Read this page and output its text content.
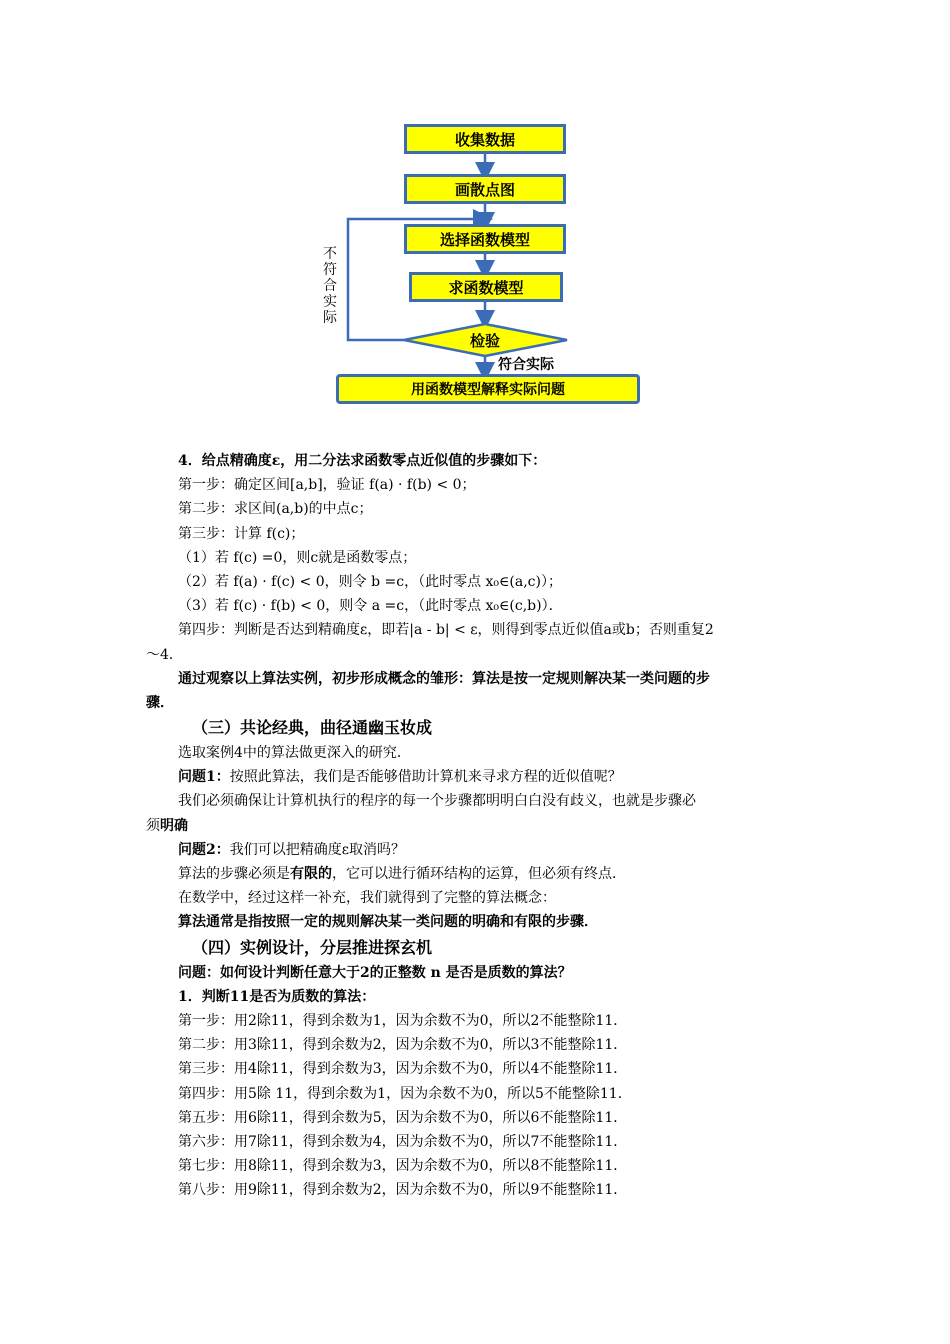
收集数据
画散点图
选择函数模型
求函数模型
检验
用函数模型解释实际问题
不符合实际
符合实际
4．给点精确度ε，用二分法求函数零点近似值的步骤如下：
第一步：确定区间[a,b]，验证 f(a) · f(b) < 0；
第二步：求区间(a,b)的中点c；
第三步：计算 f(c)；
（1）若 f(c) =0，则c就是函数零点；
（2）若 f(a) · f(c) < 0，则令 b =c，（此时零点 x₀∈(a,c)）；
（3）若 f(c) · f(b) < 0，则令 a =c，（此时零点 x₀∈(c,b)）．
第四步：判断是否达到精确度ε，即若|a - b| < ε，则得到零点近似值a或b；否则重复2
～4．
通过观察以上算法实例，初步形成概念的雏形：算法是按一定规则解决某一类问题的步
骤．
（三）共论经典，曲径通幽玉妆成
选取案例4中的算法做更深入的研究．
问题1：按照此算法，我们是否能够借助计算机来寻求方程的近似值呢？
我们必须确保让计算机执行的程序的每一个步骤都明明白白没有歧义，也就是步骤必
须明确
问题2：我们可以把精确度ε取消吗？
算法的步骤必须是有限的，它可以进行循环结构的运算，但必须有终点．
在数学中，经过这样一补充，我们就得到了完整的算法概念：
算法通常是指按照一定的规则解决某一类问题的明确和有限的步骤．
（四）实例设计，分层推进探玄机
问题：如何设计判断任意大于2的正整数 n 是否是质数的算法？
1．判断11是否为质数的算法：
第一步：用2除11，得到余数为1，因为余数不为0，所以2不能整除11．
第二步：用3除11，得到余数为2，因为余数不为0，所以3不能整除11．
第三步：用4除11，得到余数为3，因为余数不为0，所以4不能整除11．
第四步：用5除 11，得到余数为1，因为余数不为0，所以5不能整除11．
第五步：用6除11，得到余数为5，因为余数不为0，所以6不能整除11．
第六步：用7除11，得到余数为4，因为余数不为0，所以7不能整除11．
第七步：用8除11，得到余数为3，因为余数不为0，所以8不能整除11．
第八步：用9除11，得到余数为2，因为余数不为0，所以9不能整除11．
